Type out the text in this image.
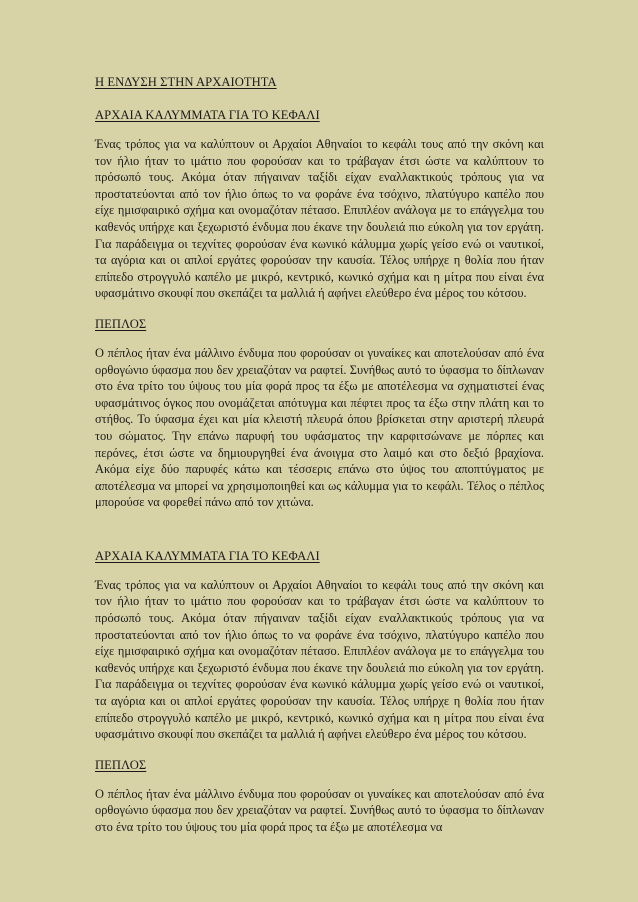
Η ΕΝΔΥΣΗ ΣΤΗΝ ΑΡΧΑΙΟΤΗΤΑ

ΑΡΧΑΙΑ ΚΑΛΥΜΜΑΤΑ ΓΙΑ ΤΟ ΚΕΦΑΛΙ

Ένας τρόπος για να καλύπτουν οι Αρχαίοι Αθηναίοι το κεφάλι τους από την σκόνη και τον ήλιο ήταν το ιμάτιο που φορούσαν και το τράβαγαν έτσι ώστε να καλύπτουν το πρόσωπό τους. Ακόμα όταν πήγαιναν ταξίδι είχαν εναλλακτικούς τρόπους για να προστατεύονται από τον ήλιο όπως το να φοράνε ένα τσόχινο, πλατύγυρο καπέλο που είχε ημισφαιρικό σχήμα και ονομαζόταν πέτασο. Επιπλέον ανάλογα με το επάγγελμα του καθενός υπήρχε και ξεχωριστό ένδυμα που έκανε την δουλειά πιο εύκολη για τον εργάτη. Για παράδειγμα οι τεχνίτες φορούσαν ένα κωνικό κάλυμμα χωρίς γείσο ενώ οι ναυτικοί, τα αγόρια και οι απλοί εργάτες φορούσαν την καυσία. Τέλος υπήρχε η θολία που ήταν επίπεδο στρογγυλό καπέλο με μικρό, κεντρικό, κωνικό σχήμα και η μίτρα που είναι ένα υφασμάτινο σκουφί που σκεπάζει τα μαλλιά ή αφήνει ελεύθερο ένα μέρος του κότσου.

ΠΕΠΛΟΣ

Ο πέπλος ήταν ένα μάλλινο ένδυμα που φορούσαν οι γυναίκες και αποτελούσαν από ένα ορθογώνιο ύφασμα που δεν χρειαζόταν να ραφτεί. Συνήθως αυτό το ύφασμα το δίπλωναν στο ένα τρίτο του ύψους του μία φορά προς τα έξω με αποτέλεσμα να σχηματιστεί ένας υφασμάτινος όγκος που ονομάζεται απότυγμα και πέφτει προς τα έξω στην πλάτη και το στήθος. Το ύφασμα έχει και μία κλειστή πλευρά όπου βρίσκεται στην αριστερή πλευρά του σώματος. Την επάνω παρυφή του υφάσματος την καρφιτσώνανε με πόρπες και περόνες, έτσι ώστε να δημιουργηθεί ένα άνοιγμα στο λαιμό και στο δεξιό βραχίονα. Ακόμα είχε δύο παρυφές κάτω και τέσσερις επάνω στο ύψος του αποπτύγματος με αποτέλεσμα να μπορεί να χρησιμοποιηθεί και ως κάλυμμα για το κεφάλι. Τέλος ο πέπλος μπορούσε να φορεθεί πάνω από τον χιτώνα.

ΑΡΧΑΙΑ ΚΑΛΥΜΜΑΤΑ ΓΙΑ ΤΟ ΚΕΦΑΛΙ

Ένας τρόπος για να καλύπτουν οι Αρχαίοι Αθηναίοι το κεφάλι τους από την σκόνη και τον ήλιο ήταν το ιμάτιο που φορούσαν και το τράβαγαν έτσι ώστε να καλύπτουν το πρόσωπό τους. Ακόμα όταν πήγαιναν ταξίδι είχαν εναλλακτικούς τρόπους για να προστατεύονται από τον ήλιο όπως το να φοράνε ένα τσόχινο, πλατύγυρο καπέλο που είχε ημισφαιρικό σχήμα και ονομαζόταν πέτασο. Επιπλέον ανάλογα με το επάγγελμα του καθενός υπήρχε και ξεχωριστό ένδυμα που έκανε την δουλειά πιο εύκολη για τον εργάτη. Για παράδειγμα οι τεχνίτες φορούσαν ένα κωνικό κάλυμμα χωρίς γείσο ενώ οι ναυτικοί, τα αγόρια και οι απλοί εργάτες φορούσαν την καυσία. Τέλος υπήρχε η θολία που ήταν επίπεδο στρογγυλό καπέλο με μικρό, κεντρικό, κωνικό σχήμα και η μίτρα που είναι ένα υφασμάτινο σκουφί που σκεπάζει τα μαλλιά ή αφήνει ελεύθερο ένα μέρος του κότσου.

ΠΕΠΛΟΣ

Ο πέπλος ήταν ένα μάλλινο ένδυμα που φορούσαν οι γυναίκες και αποτελούσαν από ένα ορθογώνιο ύφασμα που δεν χρειαζόταν να ραφτεί. Συνήθως αυτό το ύφασμα το δίπλωναν στο ένα τρίτο του ύψους του μία φορά προς τα έξω με αποτέλεσμα να
